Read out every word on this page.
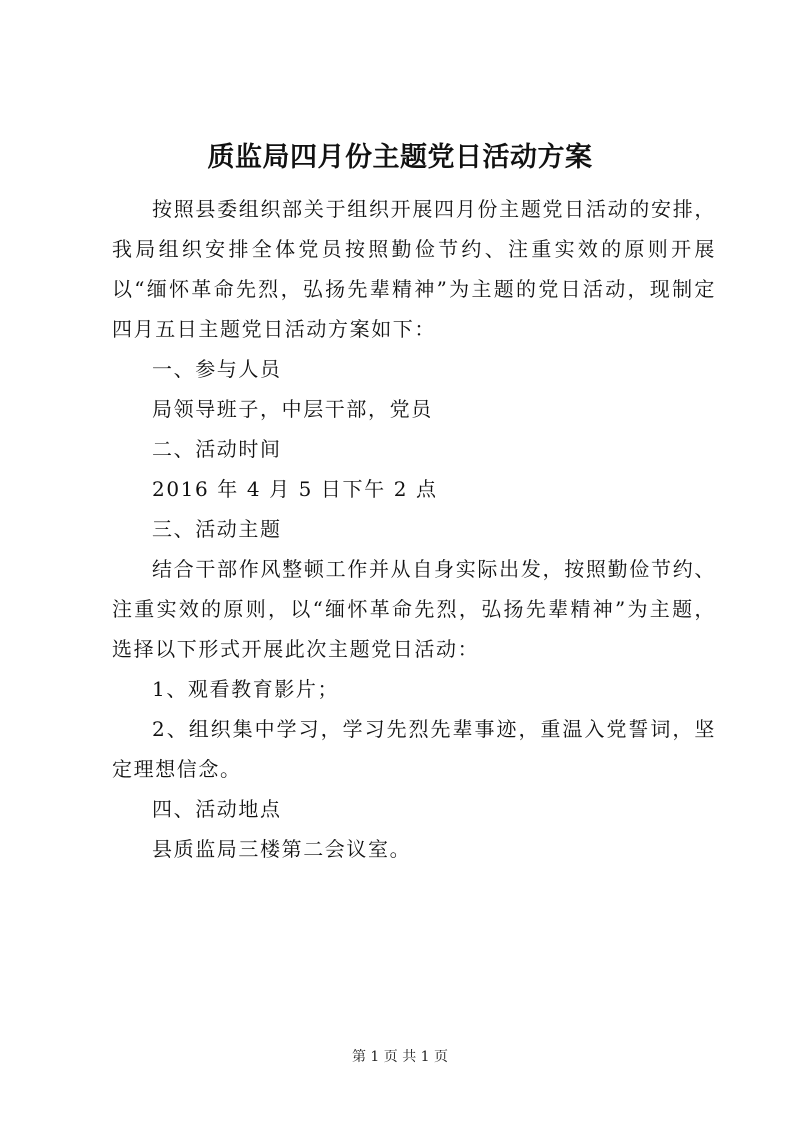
质监局四月份主题党日活动方案

按照县委组织部关于组织开展四月份主题党日活动的安排，我局组织安排全体党员按照勤俭节约、注重实效的原则开展以“缅怀革命先烈，弘扬先辈精神”为主题的党日活动，现制定四月五日主题党日活动方案如下：

一、参与人员

局领导班子，中层干部，党员

二、活动时间

2016 年 4 月 5 日下午 2 点

三、活动主题

结合干部作风整顿工作并从自身实际出发，按照勤俭节约、注重实效的原则，以“缅怀革命先烈，弘扬先辈精神”为主题，选择以下形式开展此次主题党日活动：

1、观看教育影片；

2、组织集中学习，学习先烈先辈事迹，重温入党誓词，坚定理想信念。

四、活动地点

县质监局三楼第二会议室。

第 1 页 共 1 页
